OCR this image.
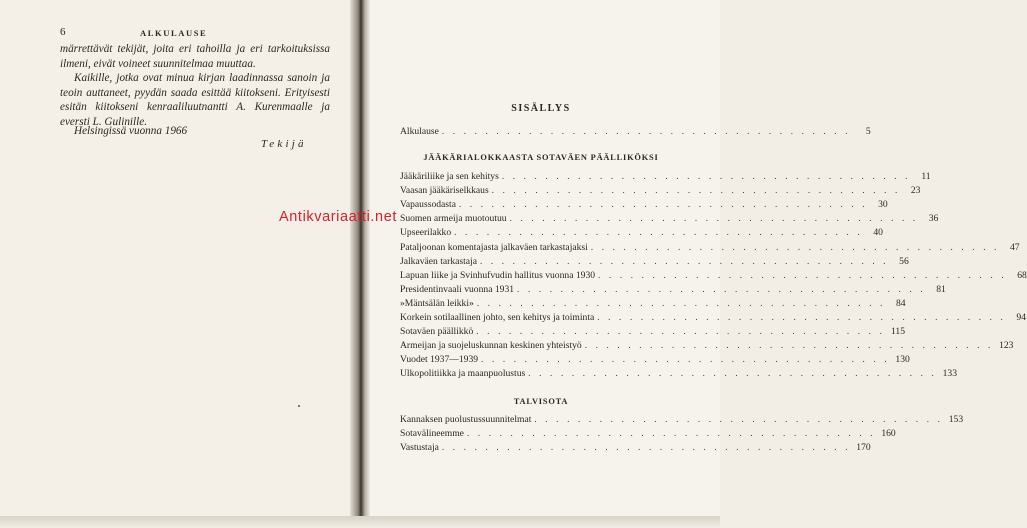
6	ALKULAUSE

märrettävät tekijät, joita eri tahoilla ja eri tarkoituksissa ilmeni, eivät voineet suunnitelmaa muuttaa.

Kaikille, jotka ovat minua kirjan laadinnassa sanoin ja teoin auttaneet, pyydän saada esittää kiitokseni. Erityisesti esitän kiitokseni kenraaliluutnantti A. Kurenmaalle ja eversti L. Gulinille.

Helsingissä vuonna 1966
Tekijä
SISÄLLYS
Alkulause . . . . . . . . . . . . . . . . . . . . . . . . . . . . . . . . . . . . . .	5
JÄÄKÄRIALOKKAASTA SOTAVÄEN PÄÄLLIKÖKSI
Jääkäriliike ja sen kehitys . . . . . . . . . . . . . . . . . . . . . . . . . . . . . . . . . . . . . .	11
Vaasan jääkäriselkkaus . . . . . . . . . . . . . . . . . . . . . . . . . . . . . . . . . . . . . .	23
Vapaussodasta . . . . . . . . . . . . . . . . . . . . . . . . . . . . . . . . . . . . . .	30
Suomen armeija muotoutuu . . . . . . . . . . . . . . . . . . . . . . . . . . . . . . . . . . . . . .	36
Upseerilakko . . . . . . . . . . . . . . . . . . . . . . . . . . . . . . . . . . . . . .	40
Pataljoonan komentajasta jalkaväen tarkastajaksi . . . . . . . . . . . . . . . . . . . . . . . . . . . . . . . . . . . . . .	47
Jalkaväen tarkastaja . . . . . . . . . . . . . . . . . . . . . . . . . . . . . . . . . . . . . .	56
Lapuan liike ja Svinhufvudin hallitus vuonna 1930 . . . . . . . . . . . . . . . . . . . . . . . . . . . . . . . . . . . . . .	68
Presidentinvaali vuonna 1931 . . . . . . . . . . . . . . . . . . . . . . . . . . . . . . . . . . . . . .	81
»Mäntsälän leikki» . . . . . . . . . . . . . . . . . . . . . . . . . . . . . . . . . . . . . .	84
Korkein sotilaallinen johto, sen kehitys ja toiminta . . . . . . . . . . . . . . . . . . . . . . . . . . . . . . . . . . . . . .	94
Sotaväen päällikkö . . . . . . . . . . . . . . . . . . . . . . . . . . . . . . . . . . . . . . 115
Armeijan ja suojeluskunnan keskinen yhteistyö . . . . . . . . . . . . . . . . . . . . . . . . . . . . . . . . . . . . . . 123
Vuodet 1937—1939 . . . . . . . . . . . . . . . . . . . . . . . . . . . . . . . . . . . . . . 130
Ulkopolitiikka ja maanpuolustus . . . . . . . . . . . . . . . . . . . . . . . . . . . . . . . . . . . . . . 133
TALVISOTA
Kannaksen puolustussuunnitelmat . . . . . . . . . . . . . . . . . . . . . . . . . . . . . . . . . . . . . . 153
Sotavälineemme . . . . . . . . . . . . . . . . . . . . . . . . . . . . . . . . . . . . . . 160
Vastustaja . . . . . . . . . . . . . . . . . . . . . . . . . . . . . . . . . . . . . . 170
Antikvariaatti.net
